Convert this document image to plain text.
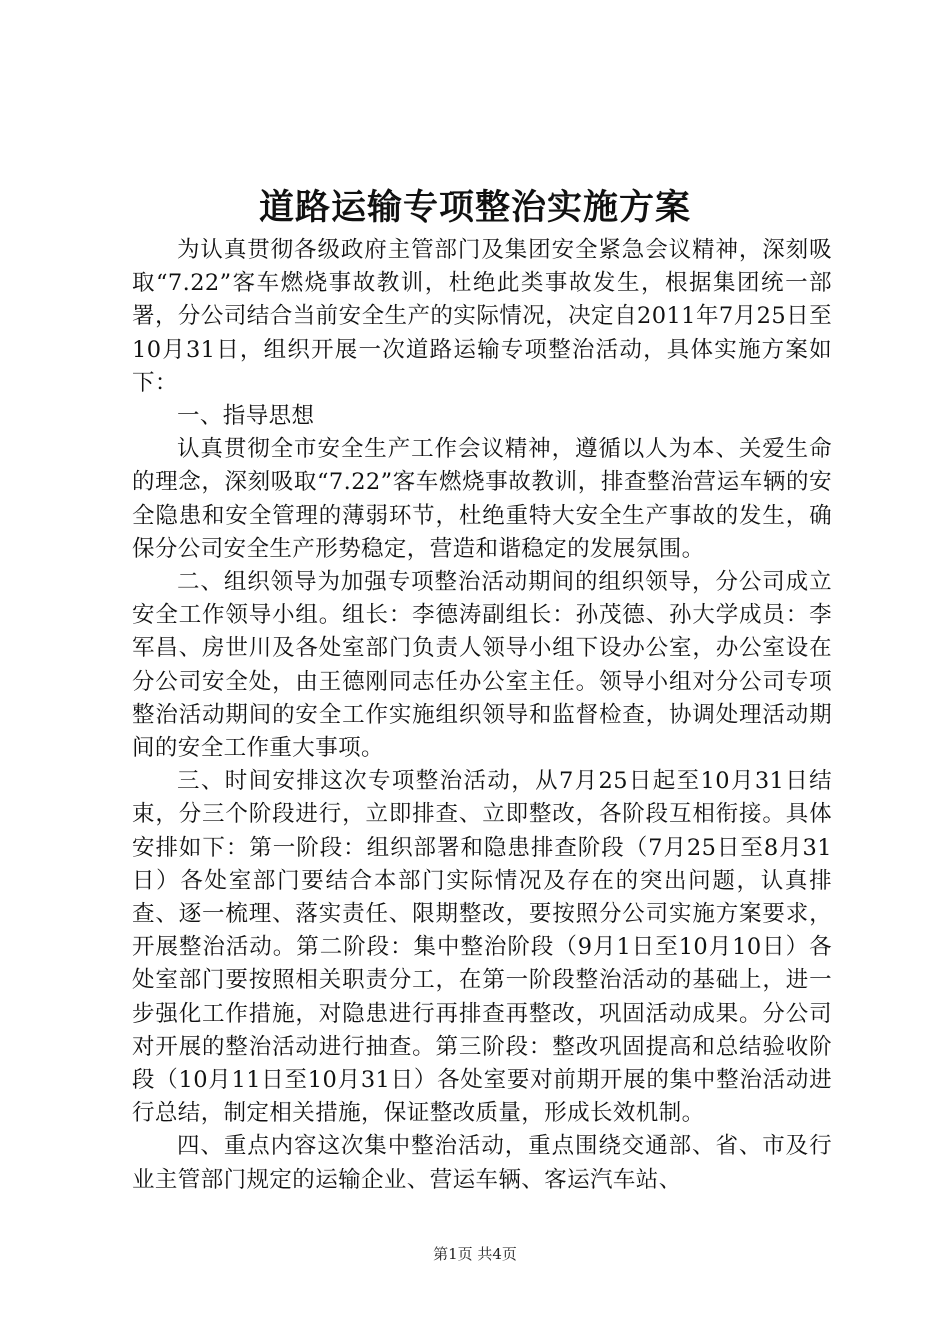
道路运输专项整治实施方案

为认真贯彻各级政府主管部门及集团安全紧急会议精神，深刻吸取“7.22”客车燃烧事故教训，杜绝此类事故发生，根据集团统一部署，分公司结合当前安全生产的实际情况，决定自2011年7月25日至10月31日，组织开展一次道路运输专项整治活动，具体实施方案如下：

一、指导思想

认真贯彻全市安全生产工作会议精神，遵循以人为本、关爱生命的理念，深刻吸取“7.22”客车燃烧事故教训，排查整治营运车辆的安全隐患和安全管理的薄弱环节，杜绝重特大安全生产事故的发生，确保分公司安全生产形势稳定，营造和谐稳定的发展氛围。

二、组织领导为加强专项整治活动期间的组织领导，分公司成立安全工作领导小组。组长：李德涛副组长：孙茂德、孙大学成员：李军昌、房世川及各处室部门负责人领导小组下设办公室，办公室设在分公司安全处，由王德刚同志任办公室主任。领导小组对分公司专项整治活动期间的安全工作实施组织领导和监督检查，协调处理活动期间的安全工作重大事项。

三、时间安排这次专项整治活动，从7月25日起至10月31日结束，分三个阶段进行，立即排查、立即整改，各阶段互相衔接。具体安排如下：第一阶段：组织部署和隐患排查阶段（7月25日至8月31日）各处室部门要结合本部门实际情况及存在的突出问题，认真排查、逐一梳理、落实责任、限期整改，要按照分公司实施方案要求，开展整治活动。第二阶段：集中整治阶段（9月1日至10月10日）各处室部门要按照相关职责分工，在第一阶段整治活动的基础上，进一步强化工作措施，对隐患进行再排查再整改，巩固活动成果。分公司对开展的整治活动进行抽查。第三阶段：整改巩固提高和总结验收阶段（10月11日至10月31日）各处室要对前期开展的集中整治活动进行总结，制定相关措施，保证整改质量，形成长效机制。

四、重点内容这次集中整治活动，重点围绕交通部、省、市及行业主管部门规定的运输企业、营运车辆、客运汽车站、

第1页 共4页
